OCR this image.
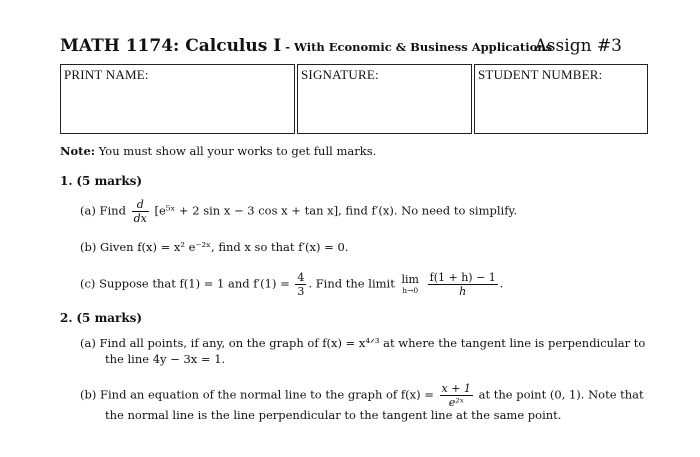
MATH 1174: Calculus I - With Economic & Business Applications
Assign #3
PRINT NAME:	SIGNATURE:	STUDENT NUMBER:
Note: You must show all your works to get full marks.
1. (5 marks)
(a) Find $\frac{d}{dx}$ [e⁵ˣ + 2 sin x − 3 cos x + tan x], find f′(x). No need to simplify.
(b) Given f(x) = x² e⁻²ˣ, find x so that f′(x) = 0.
(c) Suppose that f(1) = 1 and $f'(1) = \frac{4}{3}$ . Find the limit lim
h→0
$\frac{f(1 + h) - 1}{h}$ .
2. (5 marks)
(a) Find all points, if any, on the graph of f(x) = x⁴ᐟ³ at where the tangent line is perpendicular to
the line 4y − 3x = 1.
(b) Find an equation of the normal line to the graph of $f(x) = \frac{x + 1}{\text{e²ˣ}}$ at the point (0, 1). Note that
the normal line is the line perpendicular to the tangent line at the same point.
